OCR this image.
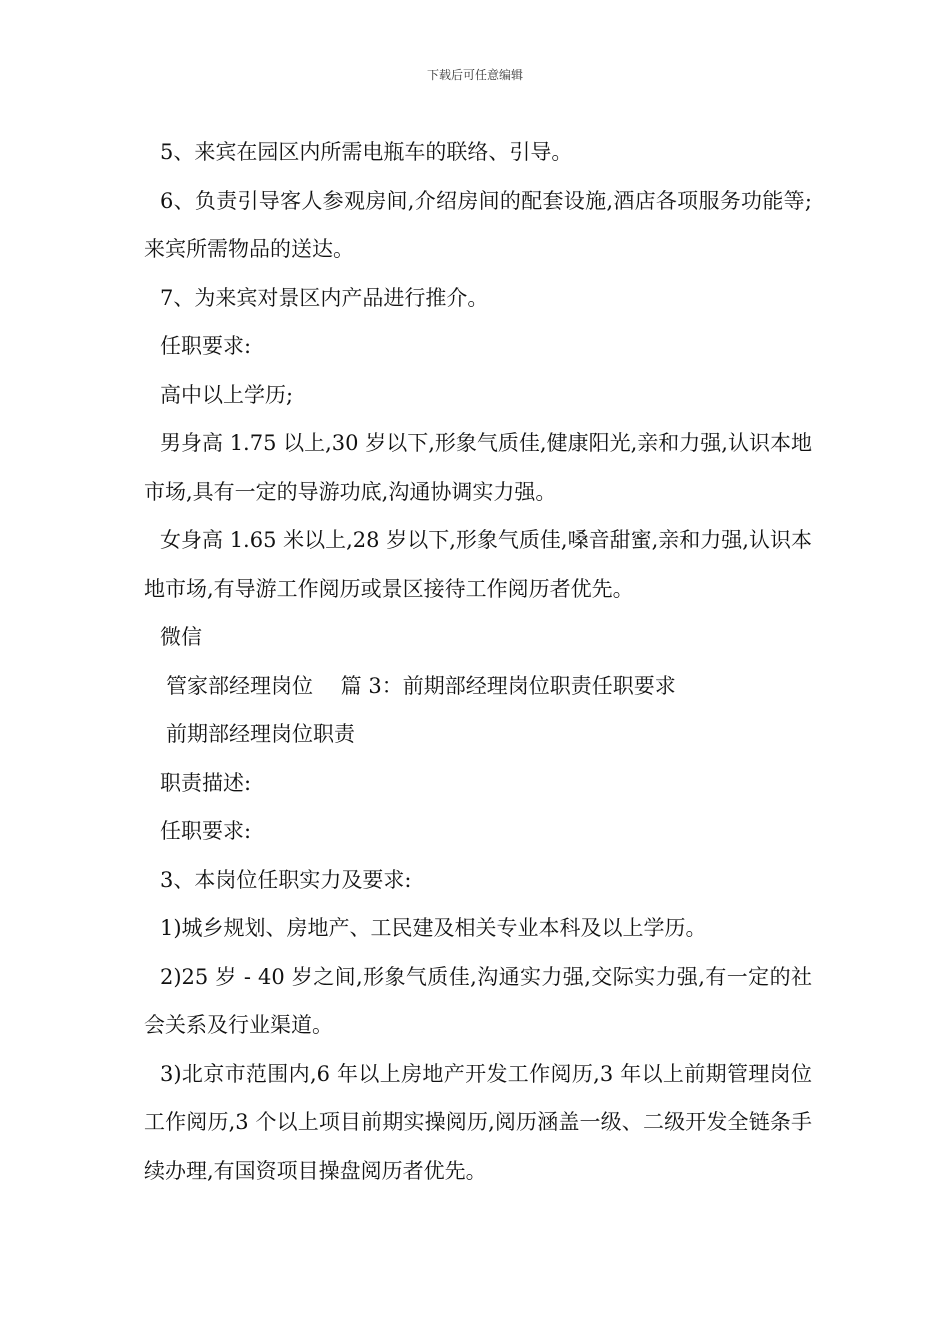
下载后可任意编辑

5、来宾在园区内所需电瓶车的联络、引导。

6、负责引导客人参观房间,介绍房间的配套设施,酒店各项服务功能等;来宾所需物品的送达。

7、为来宾对景区内产品进行推介。

任职要求:

高中以上学历;

男身高 1.75 以上,30 岁以下,形象气质佳,健康阳光,亲和力强,认识本地市场,具有一定的导游功底,沟通协调实力强。

女身高 1.65 米以上,28 岁以下,形象气质佳,嗓音甜蜜,亲和力强,认识本地市场,有导游工作阅历或景区接待工作阅历者优先。

微信

管家部经理岗位　 篇 3：前期部经理岗位职责任职要求

前期部经理岗位职责

职责描述:

任职要求:

3、本岗位任职实力及要求:

1)城乡规划、房地产、工民建及相关专业本科及以上学历。

2)25 岁 - 40 岁之间,形象气质佳,沟通实力强,交际实力强,有一定的社会关系及行业渠道。

3)北京市范围内,6 年以上房地产开发工作阅历,3 年以上前期管理岗位工作阅历,3 个以上项目前期实操阅历,阅历涵盖一级、二级开发全链条手续办理,有国资项目操盘阅历者优先。
